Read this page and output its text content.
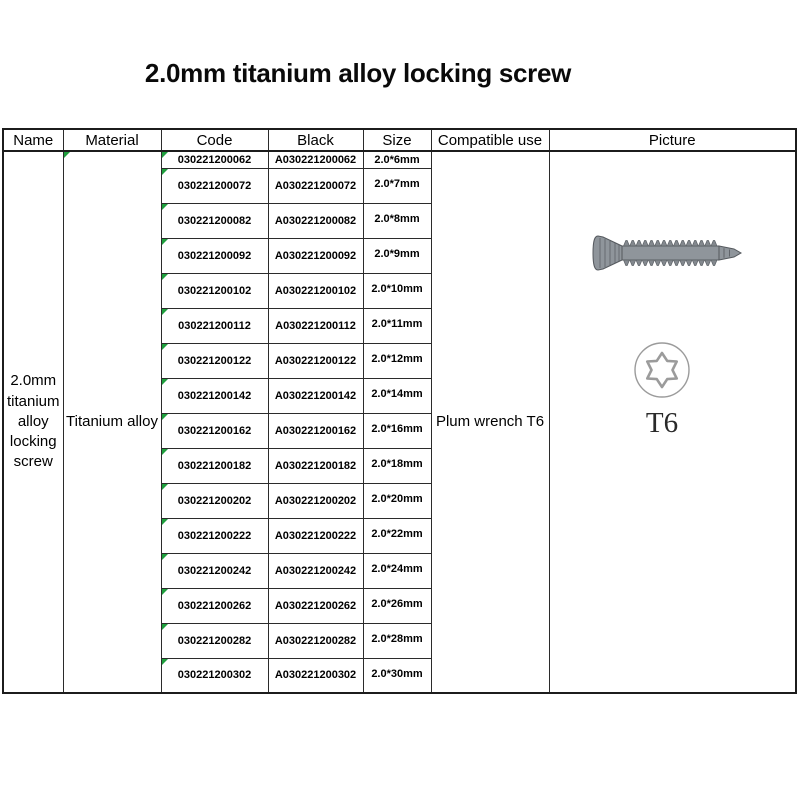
2.0mm titanium alloy locking screw
Name	Material	Code	Black	Size	Compatible use	Picture

2.0mm titanium alloy locking screw	Titanium alloy	030221200062	A030221200062	2.0*6mm	Plum wrench T6	T6

030221200072	A030221200072	2.0*7mm		

030221200082	A030221200082	2.0*8mm		

030221200092	A030221200092	2.0*9mm		

030221200102	A030221200102	2.0*10mm		

030221200112	A030221200112	2.0*11mm		

030221200122	A030221200122	2.0*12mm		

030221200142	A030221200142	2.0*14mm		

030221200162	A030221200162	2.0*16mm		

030221200182	A030221200182	2.0*18mm		

030221200202	A030221200202	2.0*20mm		

030221200222	A030221200222	2.0*22mm		

030221200242	A030221200242	2.0*24mm		

030221200262	A030221200262	2.0*26mm		

030221200282	A030221200282	2.0*28mm		

030221200302	A030221200302	2.0*30mm		
